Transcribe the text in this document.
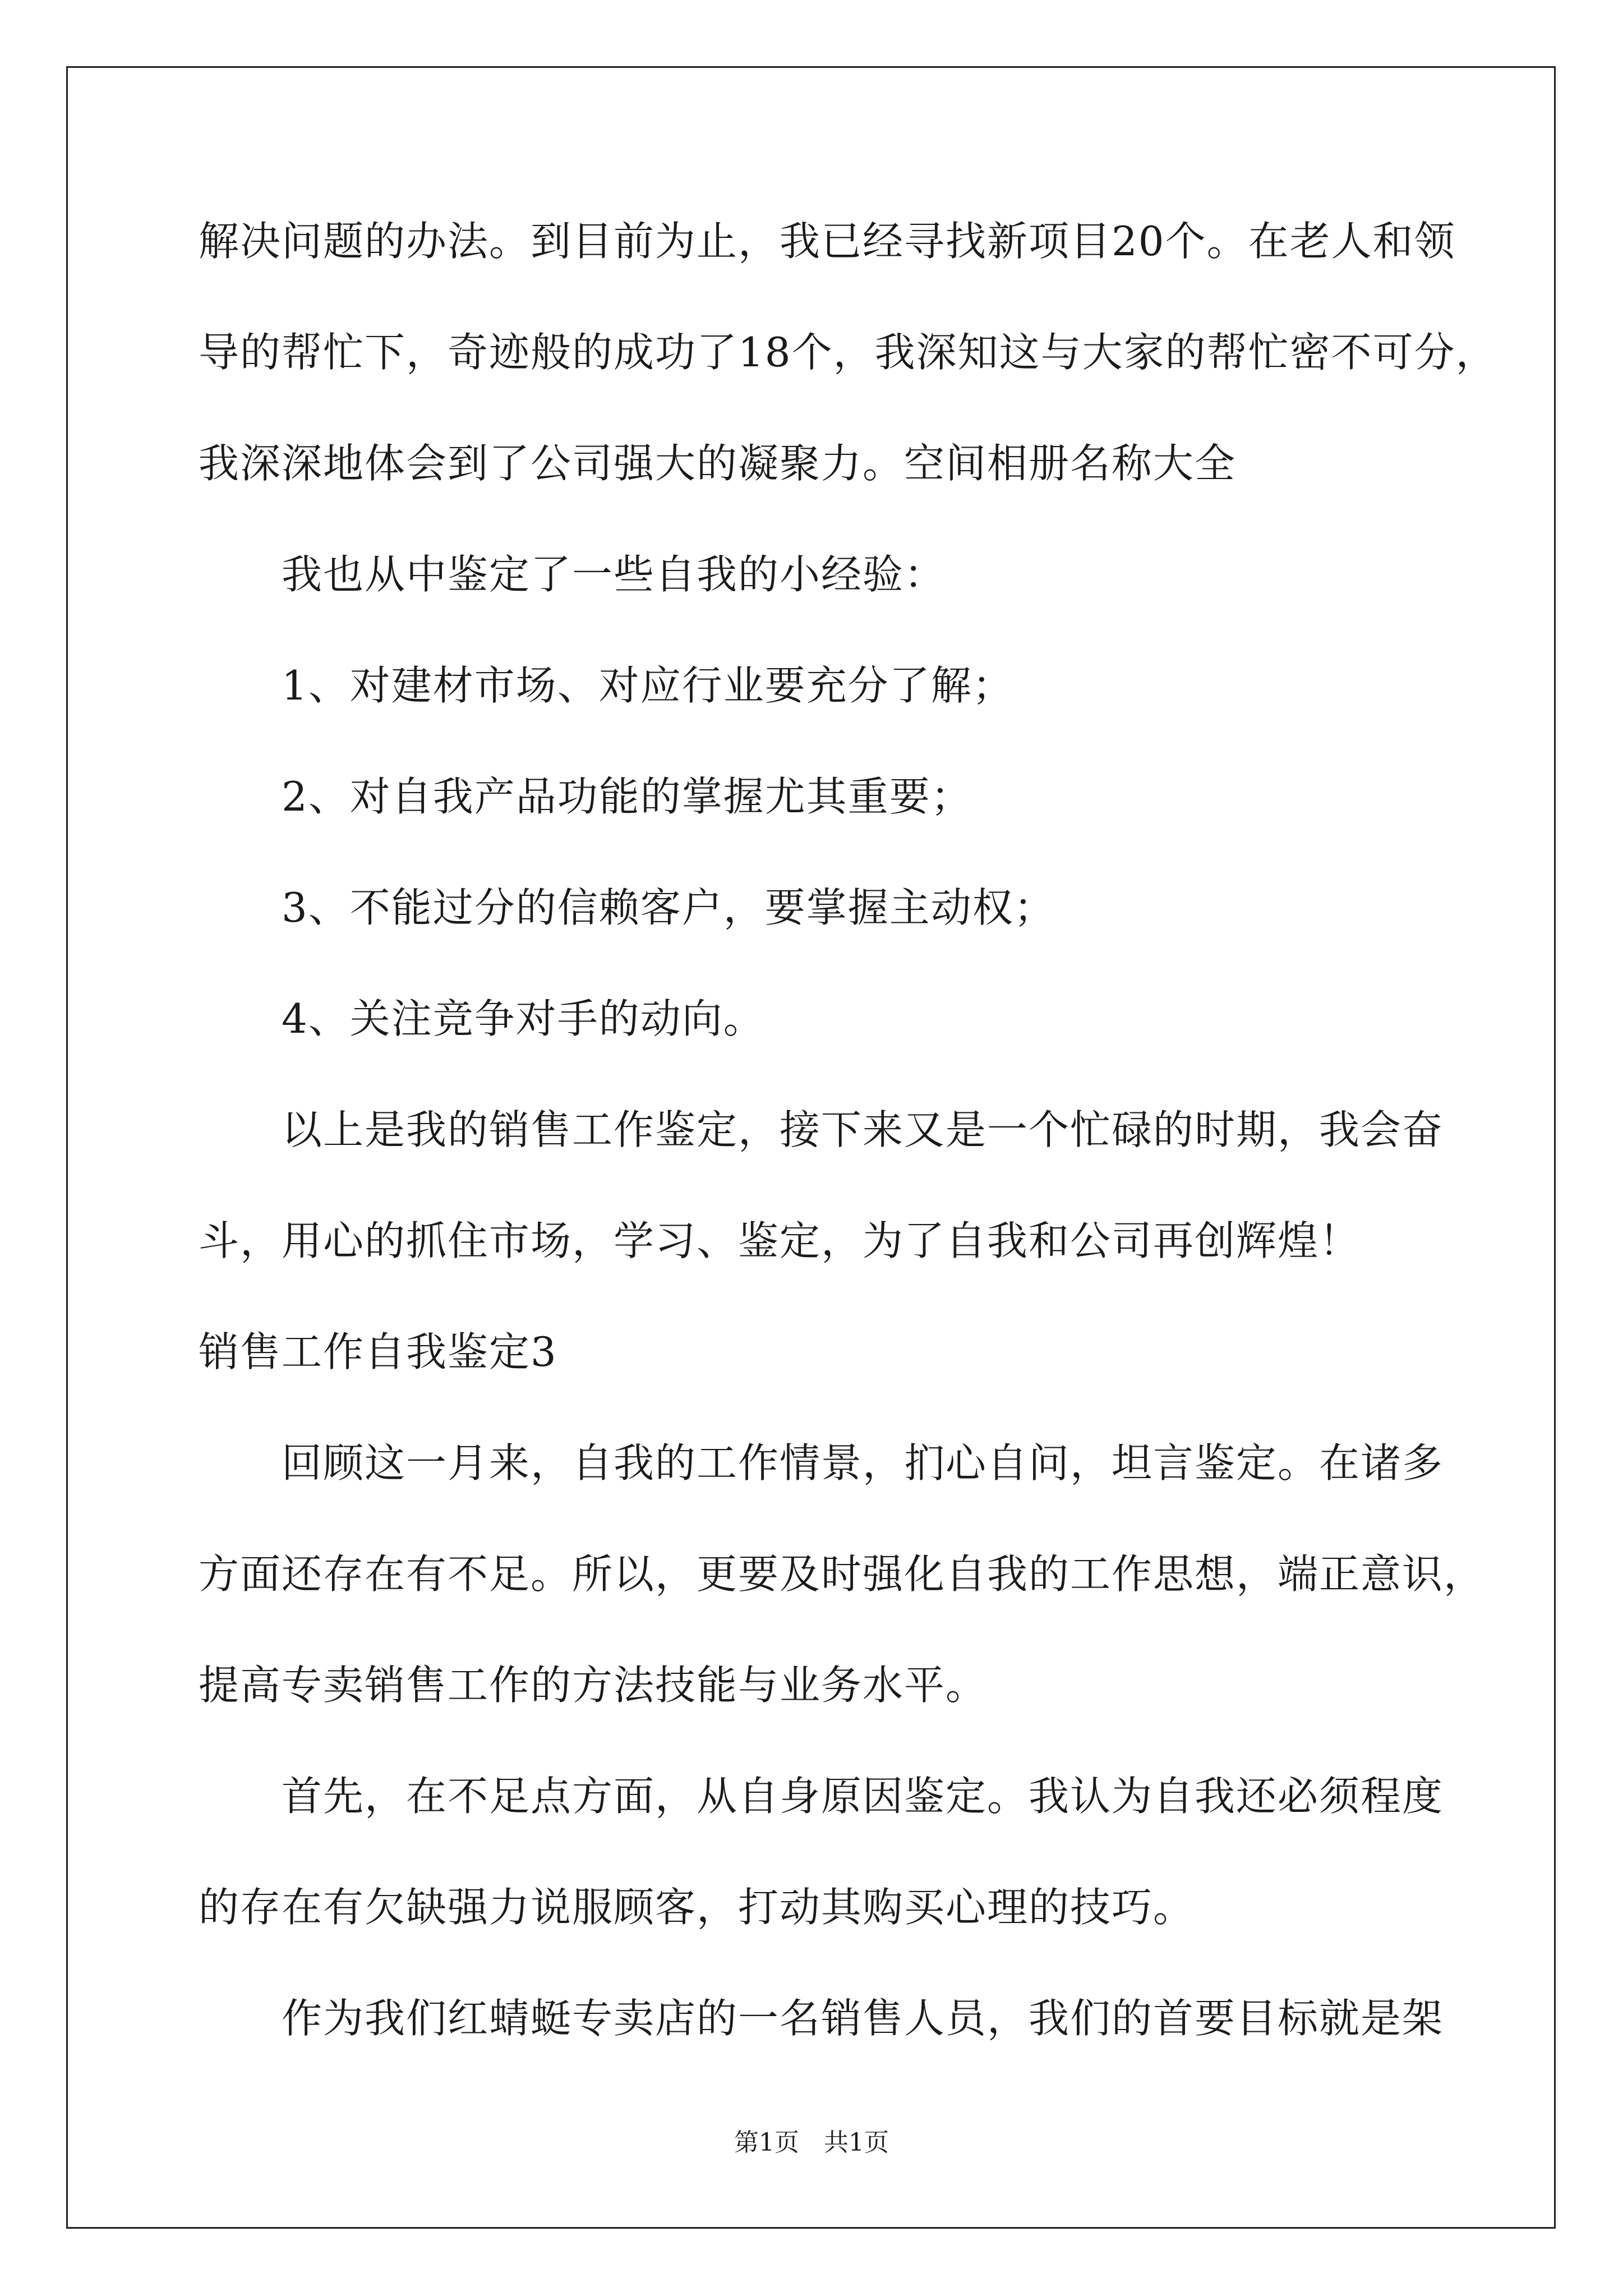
解决问题的办法。到目前为止，我已经寻找新项目20个。在老人和领
导的帮忙下，奇迹般的成功了18个，我深知这与大家的帮忙密不可分，
我深深地体会到了公司强大的凝聚力。空间相册名称大全
　　我也从中鉴定了一些自我的小经验：
　　1、对建材市场、对应行业要充分了解；
　　2、对自我产品功能的掌握尤其重要；
　　3、不能过分的信赖客户，要掌握主动权；
　　4、关注竞争对手的动向。
　　以上是我的销售工作鉴定，接下来又是一个忙碌的时期，我会奋
斗，用心的抓住市场，学习、鉴定，为了自我和公司再创辉煌！
销售工作自我鉴定3
　　回顾这一月来，自我的工作情景，扪心自问，坦言鉴定。在诸多
方面还存在有不足。所以，更要及时强化自我的工作思想，端正意识，
提高专卖销售工作的方法技能与业务水平。
　　首先，在不足点方面，从自身原因鉴定。我认为自我还必须程度
的存在有欠缺强力说服顾客，打动其购买心理的技巧。
　　作为我们红蜻蜓专卖店的一名销售人员，我们的首要目标就是架
第1页　共1页
